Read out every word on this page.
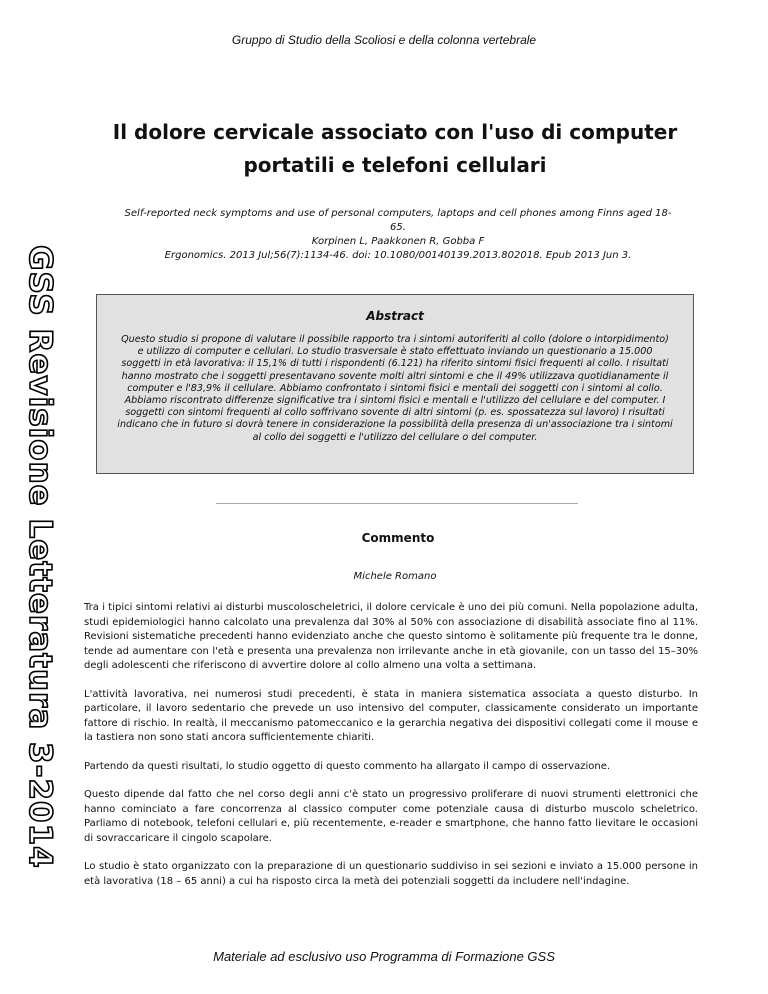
Gruppo di Studio della Scoliosi e della colonna vertebrale
GSS Revisione Letteratura 3-2014
Il dolore cervicale associato con l'uso di computer portatili e telefoni cellulari
Self-reported neck symptoms and use of personal computers, laptops and cell phones among Finns aged 18-
65.
Korpinen L, Paakkonen R, Gobba F
Ergonomics. 2013 Jul;56(7):1134-46. doi: 10.1080/00140139.2013.802018. Epub 2013 Jun 3.

Abstract

Questo studio si propone di valutare il possibile rapporto tra i sintomi autoriferiti al collo (dolore o intorpidimento) e utilizzo di computer e cellulari. Lo studio trasversale è stato effettuato inviando un questionario a 15.000 soggetti in età lavorativa: il 15,1% di tutti i rispondenti (6.121) ha riferito sintomi fisici frequenti al collo. I risultati hanno mostrato che i soggetti presentavano sovente molti altri sintomi e che il 49% utilizzava quotidianamente il computer e l'83,9% il cellulare. Abbiamo confrontato i sintomi fisici e mentali dei soggetti con i sintomi al collo. Abbiamo riscontrato differenze significative tra i sintomi fisici e mentali e l'utilizzo del cellulare e del computer. I soggetti con sintomi frequenti al collo soffrivano sovente di altri sintomi (p. es. spossatezza sul lavoro) I risultati indicano che in futuro si dovrà tenere in considerazione la possibilità della presenza di un'associazione tra i sintomi al collo dei soggetti e l'utilizzo del cellulare o del computer.

Commento
Michele Romano

Tra i tipici sintomi relativi ai disturbi muscoloscheletrici, il dolore cervicale è uno dei più comuni. Nella popolazione adulta, studi epidemiologici hanno calcolato una prevalenza dal 30% al 50% con associazione di disabilità associate fino al 11%. Revisioni sistematiche precedenti hanno evidenziato anche che questo sintomo è solitamente più frequente tra le donne, tende ad aumentare con l'età e presenta una prevalenza non irrilevante anche in età giovanile, con un tasso del 15–30% degli adolescenti che riferiscono di avvertire dolore al collo almeno una volta a settimana.

L'attività lavorativa, nei numerosi studi precedenti, è stata in maniera sistematica associata a questo disturbo. In particolare, il lavoro sedentario che prevede un uso intensivo del computer, classicamente considerato un importante fattore di rischio. In realtà, il meccanismo patomeccanico e la gerarchia negativa dei dispositivi collegati come il mouse e la tastiera non sono stati ancora sufficientemente chiariti.

Partendo da questi risultati, lo studio oggetto di questo commento ha allargato il campo di osservazione.

Questo dipende dal fatto che nel corso degli anni c'è stato un progressivo proliferare di nuovi strumenti elettronici che hanno cominciato a fare concorrenza al classico computer come potenziale causa di disturbo muscolo scheletrico. Parliamo di notebook, telefoni cellulari e, più recentemente, e-reader e smartphone, che hanno fatto lievitare le occasioni di sovraccaricare il cingolo scapolare.

Lo studio è stato organizzato con la preparazione di un questionario suddiviso in sei sezioni e inviato a 15.000 persone in età lavorativa (18 – 65 anni) a cui ha risposto circa la metà dei potenziali soggetti da includere nell'indagine.

Materiale ad esclusivo uso Programma di Formazione GSS
